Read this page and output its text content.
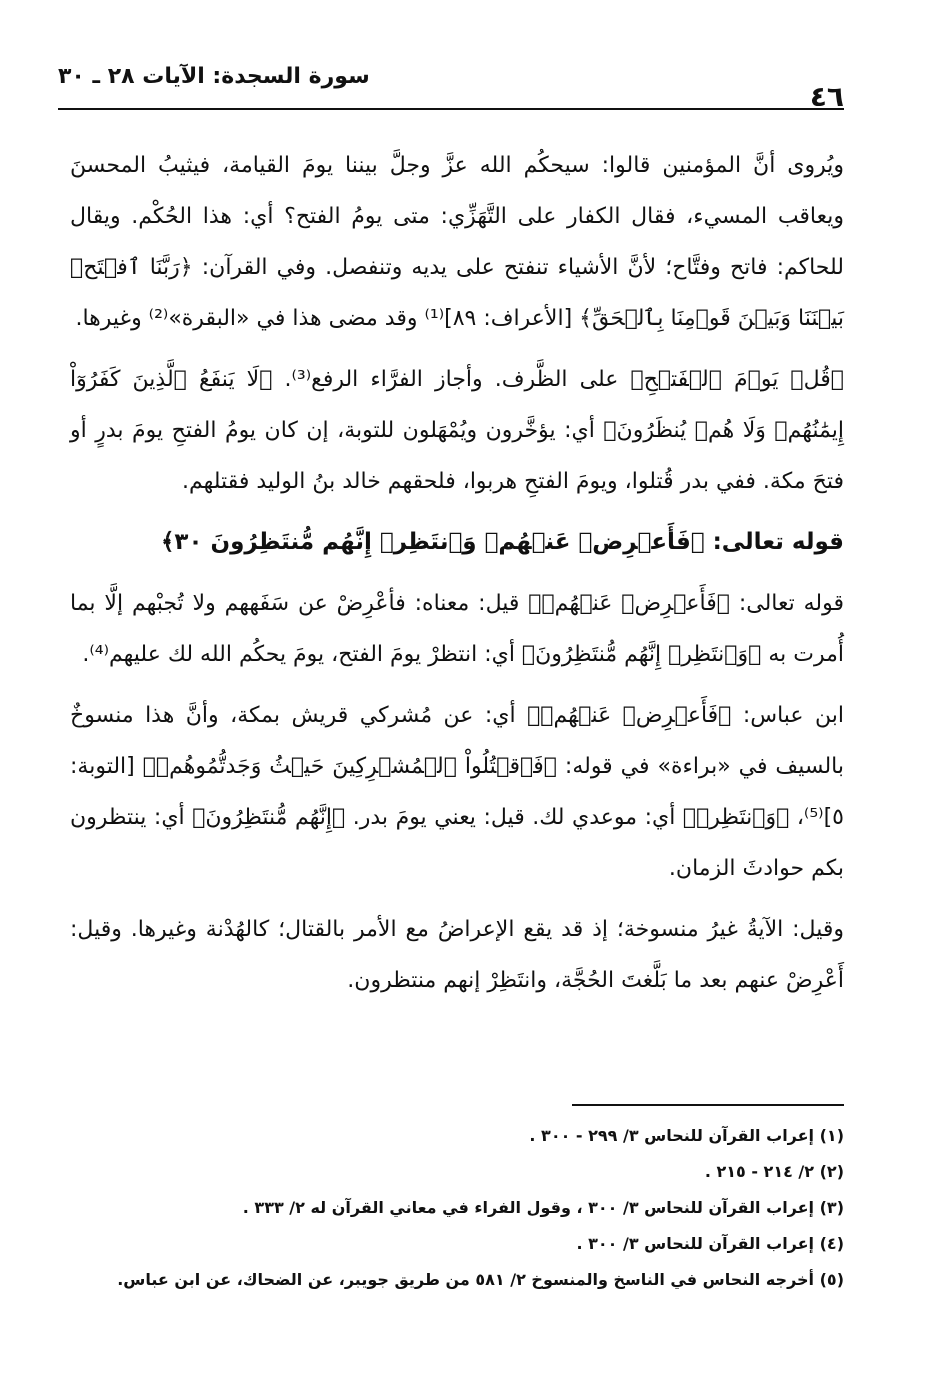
٤٦
سورة السجدة: الآيات ٢٨ ـ ٣٠

ويُروى أنَّ المؤمنين قالوا: سيحكُم الله عزَّ وجلَّ بيننا يومَ القيامة، فيثيبُ المحسنَ ويعاقب المسيء، فقال الكفار على التَّهَزِّي: متى يومُ الفتح؟ أي: هذا الحُكْم. ويقال للحاكم: فاتح وفتَّاح؛ لأنَّ الأشياء تنفتح على يديه وتنفصل. وفي القرآن: ﴿رَبَّنَا ٱفۡتَحۡ بَيۡنَنَا وَبَيۡنَ قَوۡمِنَا بِٱلۡحَقِّ﴾ [الأعراف: ٨٩]⁽¹⁾ وقد مضى هذا في «البقرة»⁽²⁾ وغيرها.

﴿قُلۡ يَوۡمَ ٱلۡفَتۡحِ﴾ على الظَّرف. وأجاز الفرَّاء الرفع⁽³⁾. ﴿لَا يَنفَعُ ٱلَّذِينَ كَفَرُوٓاْ إِيمَٰنُهُمۡ وَلَا هُمۡ يُنظَرُونَ﴾ أي: يؤخَّرون ويُمْهَلون للتوبة، إن كان يومُ الفتحِ يومَ بدرٍ أو فتحَ مكة. ففي بدر قُتلوا، ويومَ الفتحِ هربوا، فلحقهم خالد بنُ الوليد فقتلهم.

قوله تعالى: ﴿فَأَعۡرِضۡ عَنۡهُمۡ وَٱنتَظِرۡ إِنَّهُم مُّنتَظِرُونَ ٣٠﴾

قوله تعالى: ﴿فَأَعۡرِضۡ عَنۡهُمۡ﴾ قيل: معناه: فأعْرِضْ عن سَفَههم ولا تُجبْهم إلَّا بما أُمرت به ﴿وَٱنتَظِرۡ إِنَّهُم مُّنتَظِرُونَ﴾ أي: انتظرْ يومَ الفتح، يومَ يحكُم الله لك عليهم⁽⁴⁾.

ابن عباس: ﴿فَأَعۡرِضۡ عَنۡهُمۡ﴾ أي: عن مُشركي قريش بمكة، وأنَّ هذا منسوخٌ بالسيف في «براءة» في قوله: ﴿فَٱقۡتُلُواْ ٱلۡمُشۡرِكِينَ حَيۡثُ وَجَدتُّمُوهُمۡ﴾ [التوبة: ٥]⁽⁵⁾، ﴿وَٱنتَظِرۡ﴾ أي: موعدي لك. قيل: يعني يومَ بدر. ﴿إِنَّهُم مُّنتَظِرُونَ﴾ أي: ينتظرون بكم حوادثَ الزمان.

وقيل: الآيةُ غيرُ منسوخة؛ إذ قد يقع الإعراضُ مع الأمر بالقتال؛ كالهُدْنة وغيرها. وقيل: أَعْرِضْ عنهم بعد ما بَلَّغتَ الحُجَّة، وانتَظِرْ إنهم منتظرون.

(١) إعراب القرآن للنحاس ٣/ ٢٩٩ - ٣٠٠ .
(٢) ٢/ ٢١٤ - ٢١٥ .
(٣) إعراب القرآن للنحاس ٣/ ٣٠٠ ، وقول الفراء في معاني القرآن له ٢/ ٣٣٣ .
(٤) إعراب القرآن للنحاس ٣/ ٣٠٠ .
(٥) أخرجه النحاس في الناسخ والمنسوخ ٢/ ٥٨١ من طريق جويبر، عن الضحاك، عن ابن عباس.
